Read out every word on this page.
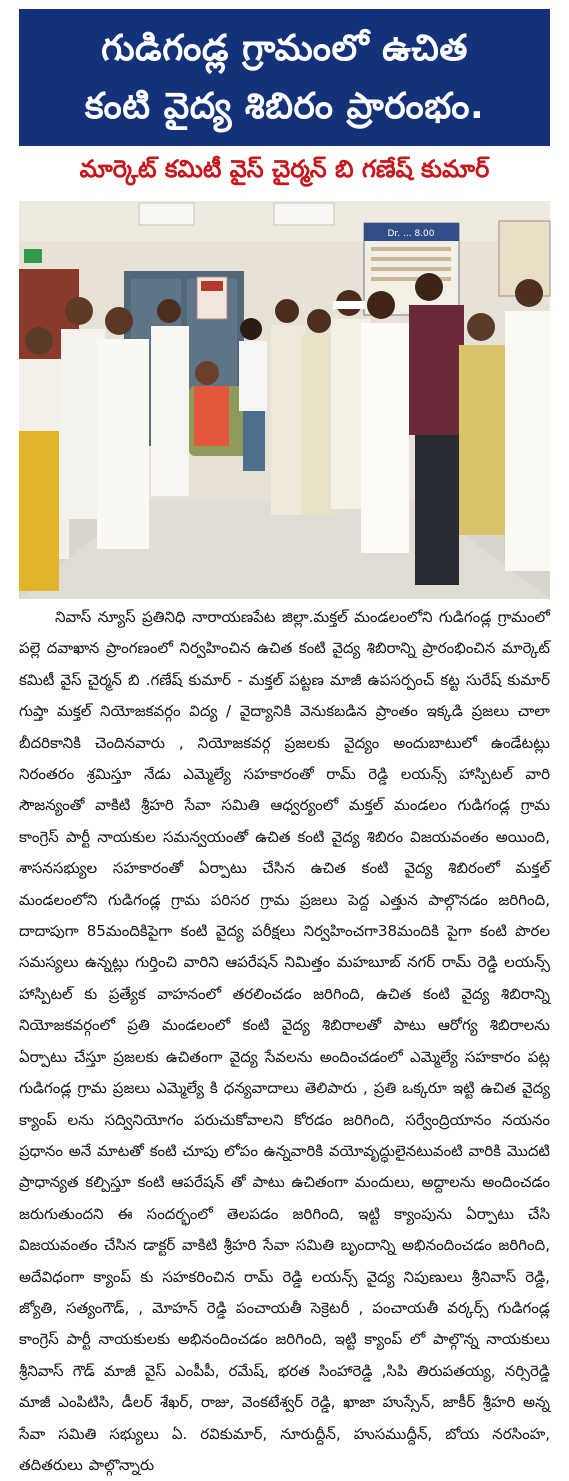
గుడిగండ్ల గ్రామంలో ఉచిత
కంటి వైద్య శిబిరం ప్రారంభం.
మార్కెట్ కమిటీ వైస్ చైర్మన్ బి గణేష్ కుమార్
Dr. ... 8.00

నివాస్ న్యూస్ ప్రతినిధి నారాయణపేట జిల్లా.మక్తల్ మండలంలోని గుడిగండ్ల గ్రామంలో పల్లె దవాఖాన ప్రాంగణంలో నిర్వహించిన ఉచిత కంటి వైద్య శిబిరాన్ని ప్రారంభించిన మార్కెట్ కమిటీ వైస్ చైర్మన్ బి .గణేష్ కుమార్ - మక్తల్ పట్టణ మాజీ ఉపసర్పంచ్ కట్ట సురేష్ కుమార్ గుప్తా మక్తల్ నియోజకవర్గం విద్య / వైద్యానికి వెనుకబడిన ప్రాంతం ఇక్కడి ప్రజలు చాలా బీదరికానికి చెందినవారు , నియోజకవర్గ ప్రజలకు వైద్యం అందుబాటులో ఉండేటట్లు నిరంతరం శ్రమిస్తూ నేడు ఎమ్మెల్యే సహకారంతో రామ్ రెడ్డి లయన్స్ హాస్పిటల్ వారి సౌజన్యంతో వాకిటి శ్రీహరి సేవా సమితి ఆధ్వర్యంలో మక్తల్ మండలం గుడిగండ్ల గ్రామ కాంగ్రెస్ పార్టీ నాయకుల సమన్వయంతో ఉచిత కంటి వైద్య శిబిరం విజయవంతం అయింది, శాసనసభ్యుల సహకారంతో ఏర్పాటు చేసిన ఉచిత కంటి వైద్య శిబిరంలో మక్తల్ మండలంలోని గుడిగండ్ల గ్రామ పరిసర గ్రామ ప్రజలు పెద్ద ఎత్తున పాల్గొనడం జరిగింది, దాదాపుగా 85మందికిపైగా కంటి వైద్య పరీక్షలు నిర్వహించగా38మందికి పైగా కంటి పొరల సమస్యలు ఉన్నట్లు గుర్తించి వారిని ఆపరేషన్ నిమిత్తం మహబూబ్ నగర్ రామ్ రెడ్డి లయన్స్ హాస్పిటల్ కు ప్రత్యేక వాహనంలో తరలించడం జరిగింది, ఉచిత కంటి వైద్య శిబిరాన్ని నియోజకవర్గంలో ప్రతి మండలంలో కంటి వైద్య శిబిరాలతో పాటు ఆరోగ్య శిబిరాలను ఏర్పాటు చేస్తూ ప్రజలకు ఉచితంగా వైద్య సేవలను అందించడంలో ఎమ్మెల్యే సహకారం పట్ల గుడిగండ్ల గ్రామ ప్రజలు ఎమ్మెల్యే కి ధన్యవాదాలు తెలిపారు , ప్రతి ఒక్కరూ ఇట్టి ఉచిత వైద్య క్యాంప్ లను సద్వినియోగం పరుచుకోవాలని కోరడం జరిగింది, సర్వేంద్రియానం నయనం ప్రధానం అనే మాటతో కంటి చూపు లోపం ఉన్నవారికి వయోవృద్ధులైనటువంటి వారికి మొదటి ప్రాధాన్యత కల్పిస్తూ కంటి ఆపరేషన్ తో పాటు ఉచితంగా మందులు, అద్దాలను అందించడం జరుగుతుందని ఈ సందర్భంలో తెలపడం జరిగింది, ఇట్టి క్యాంపును ఏర్పాటు చేసి విజయవంతం చేసిన డాక్టర్ వాకిటి శ్రీహరి సేవా సమితి బృందాన్ని అభినందించడం జరిగింది, అదేవిధంగా క్యాంప్ కు సహకరించిన రామ్ రెడ్డి లయన్స్ వైద్య నిపుణులు శ్రీనివాస్ రెడ్డి, జ్యోతి, సత్యంగౌడ్, , మోహన్ రెడ్డి పంచాయతీ సెక్రెటరీ , పంచాయతీ వర్కర్స్ గుడిగండ్ల కాంగ్రెస్ పార్టీ నాయకులకు అభినందించడం జరిగింది, ఇట్టి క్యాంప్ లో పాల్గొన్న నాయకులు శ్రీనివాస్ గౌడ్ మాజీ వైస్ ఎంపీపీ, రమేష్, భరత సింహారెడ్డి ,సిపి తిరుపతయ్య, నర్సిరెడ్డి మాజీ ఎంపిటిసి, డీలర్ శేఖర్, రాజు, వెంకటేశ్వర్ రెడ్డి, ఖాజా హుస్సేన్, జాకీర్ శ్రీహరి అన్న సేవా సమితి సభ్యులు ఏ. రవికుమార్, నూరుద్దీన్, హుసముద్దీన్, బోయ నరసింహ, తదితరులు పాల్గొన్నారు
